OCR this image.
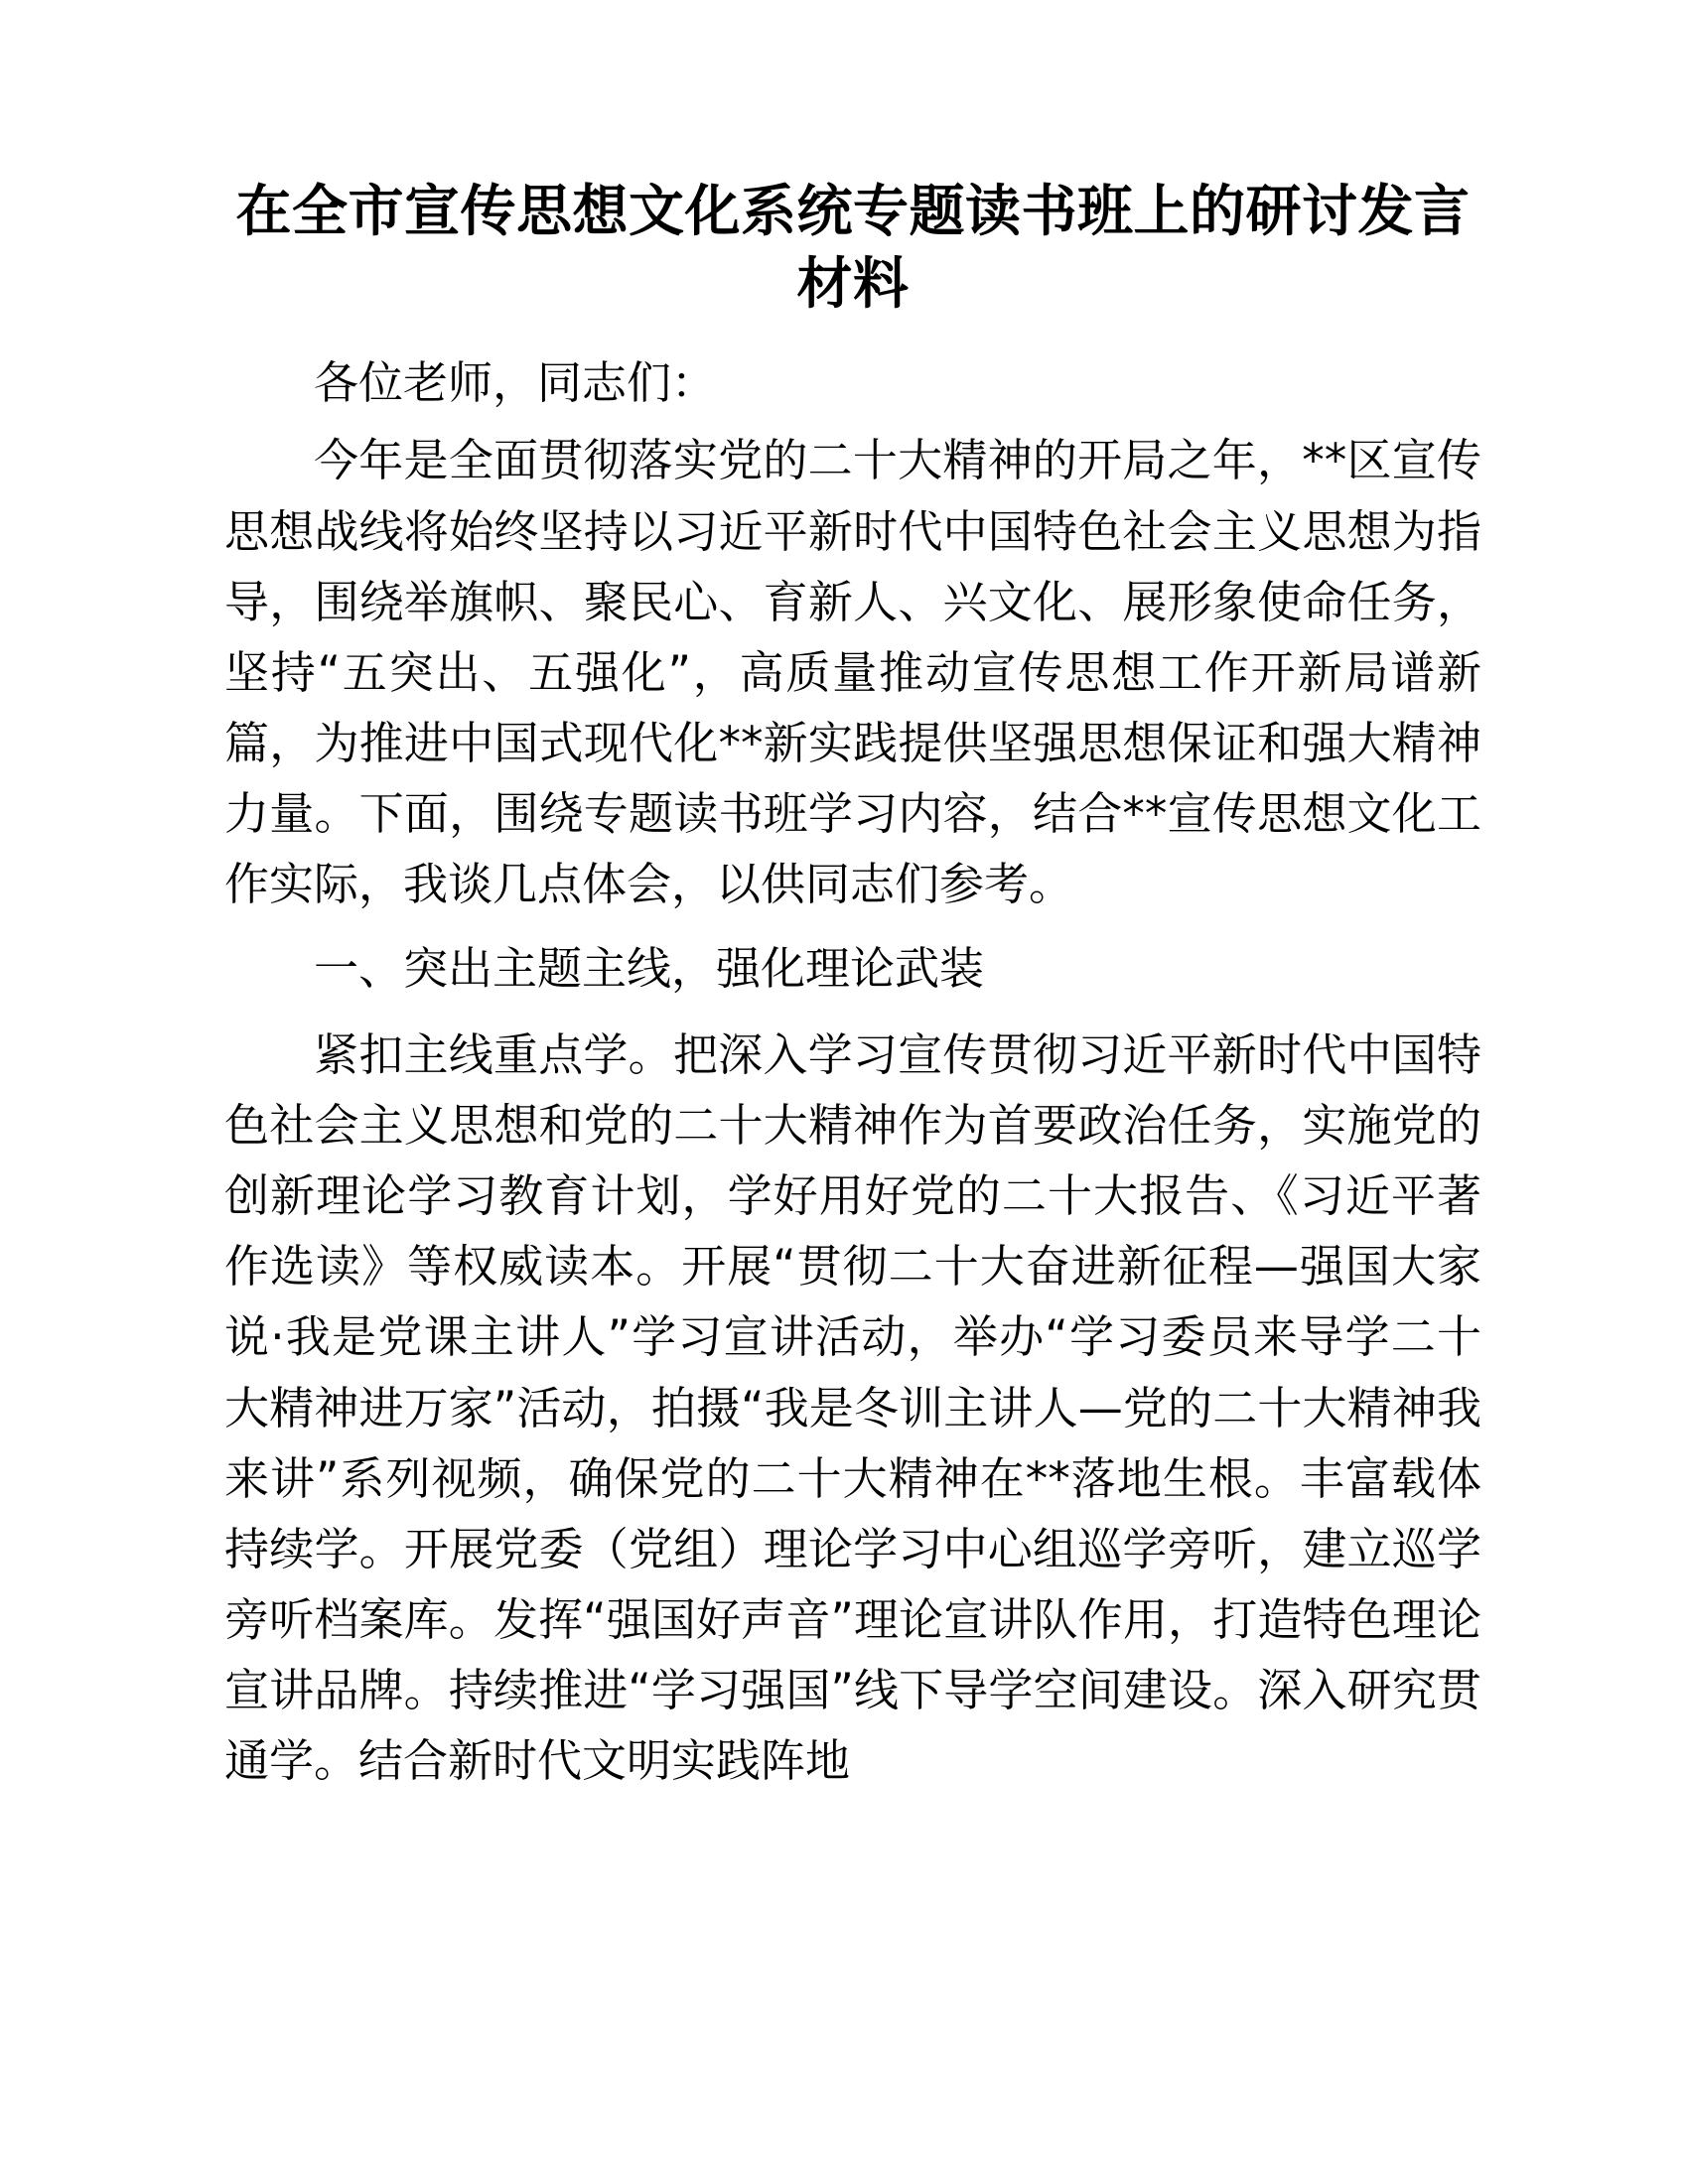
在全市宣传思想文化系统专题读书班上的研讨发言材料

各位老师，同志们：

今年是全面贯彻落实党的二十大精神的开局之年，**区宣传思想战线将始终坚持以习近平新时代中国特色社会主义思想为指导，围绕举旗帜、聚民心、育新人、兴文化、展形象使命任务，坚持“五突出、五强化”，高质量推动宣传思想工作开新局谱新篇，为推进中国式现代化**新实践提供坚强思想保证和强大精神力量。下面，围绕专题读书班学习内容，结合**宣传思想文化工作实际，我谈几点体会，以供同志们参考。

一、突出主题主线，强化理论武装

紧扣主线重点学。把深入学习宣传贯彻习近平新时代中国特色社会主义思想和党的二十大精神作为首要政治任务，实施党的创新理论学习教育计划，学好用好党的二十大报告、《习近平著作选读》等权威读本。开展“贯彻二十大奋进新征程—强国大家说·我是党课主讲人”学习宣讲活动，举办“学习委员来导学二十大精神进万家”活动，拍摄“我是冬训主讲人—党的二十大精神我来讲”系列视频，确保党的二十大精神在**落地生根。丰富载体持续学。开展党委（党组）理论学习中心组巡学旁听，建立巡学旁听档案库。发挥“强国好声音”理论宣讲队作用，打造特色理论宣讲品牌。持续推进“学习强国”线下导学空间建设。深入研究贯通学。结合新时代文明实践阵地
